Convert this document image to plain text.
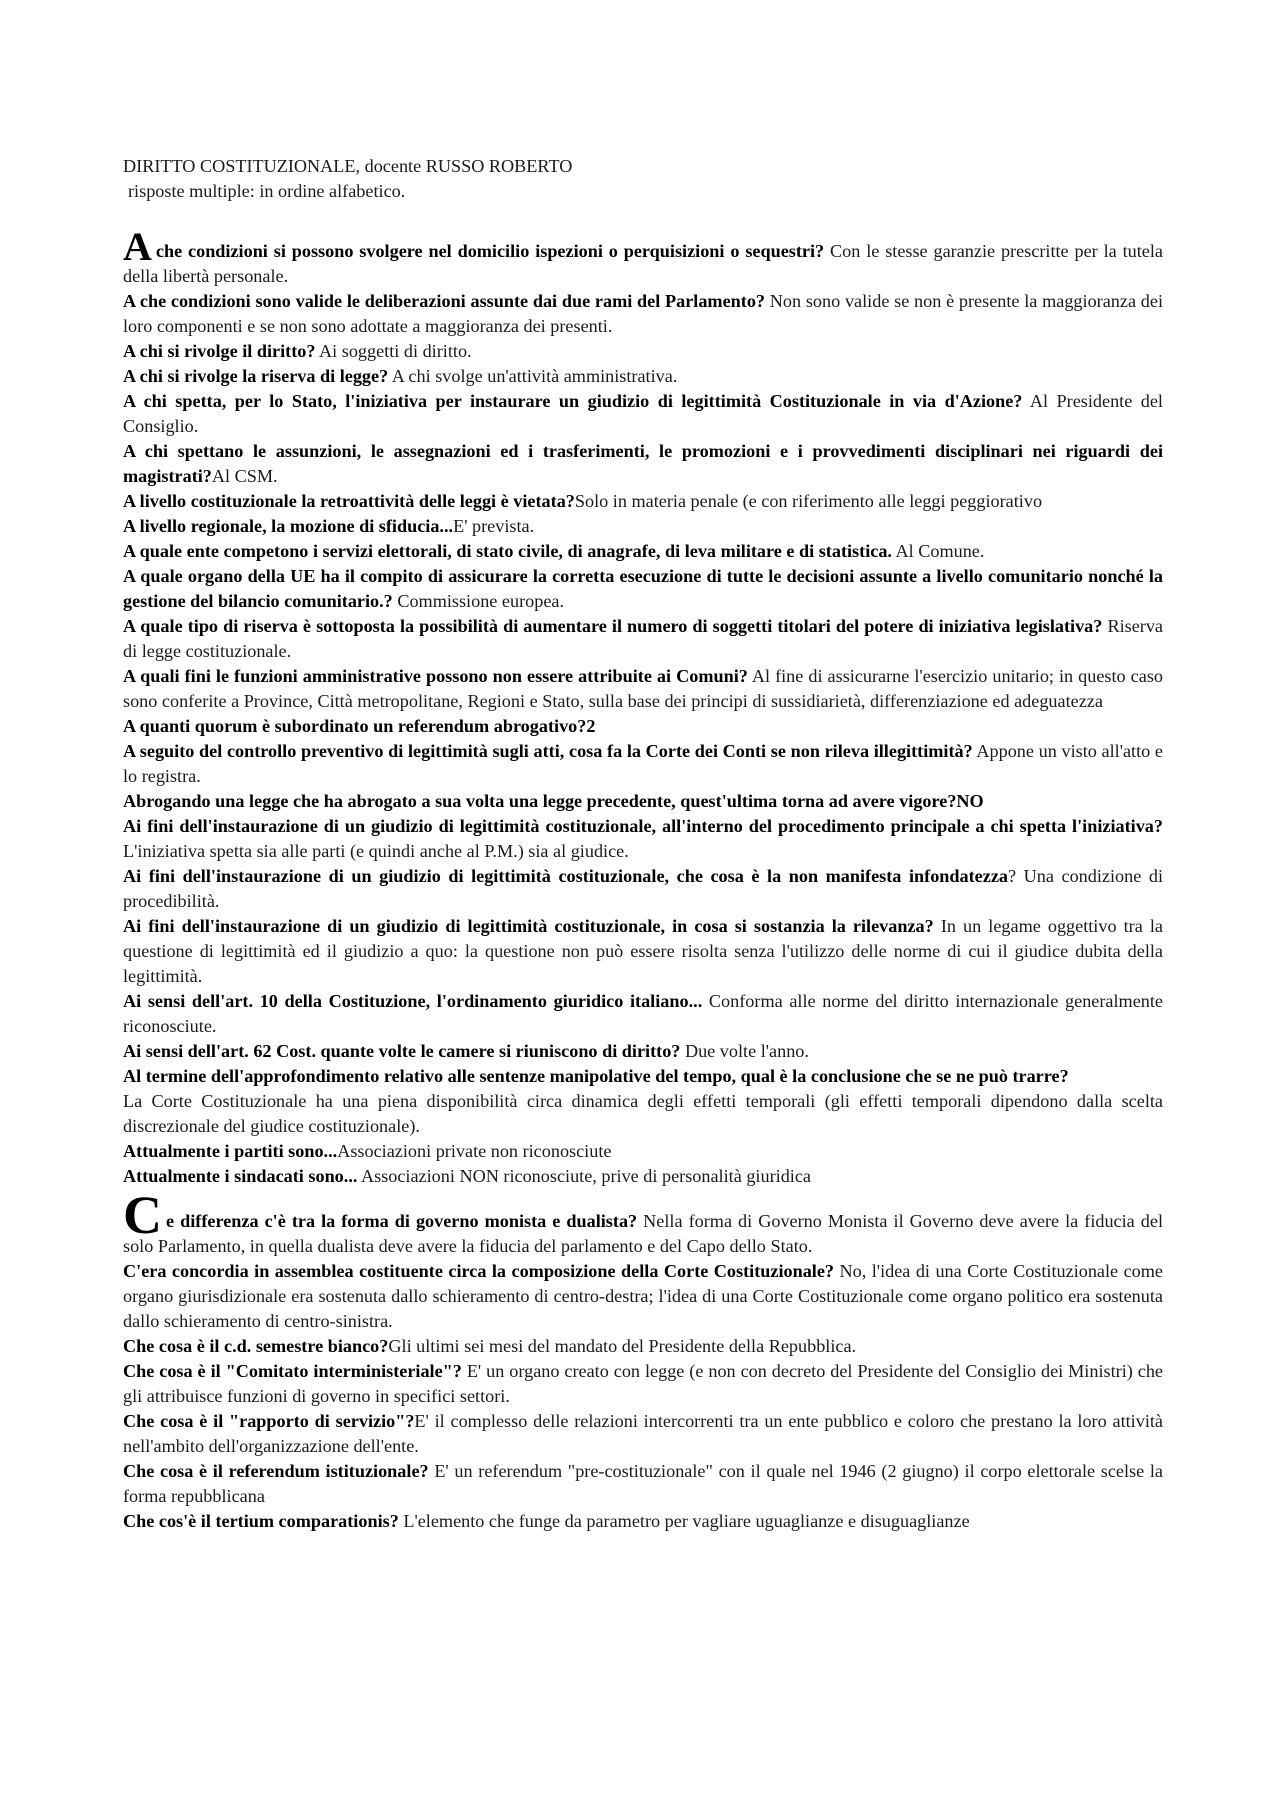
DIRITTO COSTITUZIONALE, docente RUSSO ROBERTO

risposte multiple: in ordine alfabetico.

Ache condizioni si possono svolgere nel domicilio ispezioni o perquisizioni o sequestri? Con le stesse garanzie prescritte per la tutela della libertà personale.

A che condizioni sono valide le deliberazioni assunte dai due rami del Parlamento? Non sono valide se non è presente la maggioranza dei loro componenti e se non sono adottate a maggioranza dei presenti.

A chi si rivolge il diritto? Ai soggetti di diritto.

A chi si rivolge la riserva di legge? A chi svolge un'attività amministrativa.

A chi spetta, per lo Stato, l'iniziativa per instaurare un giudizio di legittimità Costituzionale in via d'Azione? Al Presidente del Consiglio.

A chi spettano le assunzioni, le assegnazioni ed i trasferimenti, le promozioni e i provvedimenti disciplinari nei riguardi dei magistrati?Al CSM.

A livello costituzionale la retroattività delle leggi è vietata?Solo in materia penale (e con riferimento alle leggi peggiorativo

A livello regionale, la mozione di sfiducia...E' prevista.

A quale ente competono i servizi elettorali, di stato civile, di anagrafe, di leva militare e di statistica. Al Comune.

A quale organo della UE ha il compito di assicurare la corretta esecuzione di tutte le decisioni assunte a livello comunitario nonché la gestione del bilancio comunitario.? Commissione europea.

A quale tipo di riserva è sottoposta la possibilità di aumentare il numero di soggetti titolari del potere di iniziativa legislativa? Riserva di legge costituzionale.

A quali fini le funzioni amministrative possono non essere attribuite ai Comuni? Al fine di assicurarne l'esercizio unitario; in questo caso sono conferite a Province, Città metropolitane, Regioni e Stato, sulla base dei principi di sussidiarietà, differenziazione ed adeguatezza

A quanti quorum è subordinato un referendum abrogativo?2

A seguito del controllo preventivo di legittimità sugli atti, cosa fa la Corte dei Conti se non rileva illegittimità? Appone un visto all'atto e lo registra.

Abrogando una legge che ha abrogato a sua volta una legge precedente, quest'ultima torna ad avere vigore?NO

Ai fini dell'instaurazione di un giudizio di legittimità costituzionale, all'interno del procedimento principale a chi spetta l'iniziativa? L'iniziativa spetta sia alle parti (e quindi anche al P.M.) sia al giudice.

Ai fini dell'instaurazione di un giudizio di legittimità costituzionale, che cosa è la non manifesta infondatezza? Una condizione di procedibilità.

Ai fini dell'instaurazione di un giudizio di legittimità costituzionale, in cosa si sostanzia la rilevanza? In un legame oggettivo tra la questione di legittimità ed il giudizio a quo: la questione non può essere risolta senza l'utilizzo delle norme di cui il giudice dubita della legittimità.

Ai sensi dell'art. 10 della Costituzione, l'ordinamento giuridico italiano... Conforma alle norme del diritto internazionale generalmente riconosciute.

Ai sensi dell'art. 62 Cost. quante volte le camere si riuniscono di diritto? Due volte l'anno.

Al termine dell'approfondimento relativo alle sentenze manipolative del tempo, qual è la conclusione che se ne può trarre?
La Corte Costituzionale ha una piena disponibilità circa dinamica degli effetti temporali (gli effetti temporali dipendono dalla scelta discrezionale del giudice costituzionale).

Attualmente i partiti sono...Associazioni private non riconosciute

Attualmente i sindacati sono... Associazioni NON riconosciute, prive di personalità giuridica

Ce differenza c'è tra la forma di governo monista e dualista? Nella forma di Governo Monista il Governo deve avere la fiducia del solo Parlamento, in quella dualista deve avere la fiducia del parlamento e del Capo dello Stato.

C'era concordia in assemblea costituente circa la composizione della Corte Costituzionale? No, l'idea di una Corte Costituzionale come organo giurisdizionale era sostenuta dallo schieramento di centro-destra; l'idea di una Corte Costituzionale come organo politico era sostenuta dallo schieramento di centro-sinistra.

Che cosa è il c.d. semestre bianco?Gli ultimi sei mesi del mandato del Presidente della Repubblica.

Che cosa è il "Comitato interministeriale"? E' un organo creato con legge (e non con decreto del Presidente del Consiglio dei Ministri) che gli attribuisce funzioni di governo in specifici settori.

Che cosa è il "rapporto di servizio"?E' il complesso delle relazioni intercorrenti tra un ente pubblico e coloro che prestano la loro attività nell'ambito dell'organizzazione dell'ente.

Che cosa è il referendum istituzionale? E' un referendum "pre-costituzionale" con il quale nel 1946 (2 giugno) il corpo elettorale scelse la forma repubblicana

Che cos'è il tertium comparationis? L'elemento che funge da parametro per vagliare uguaglianze e disuguaglianze
